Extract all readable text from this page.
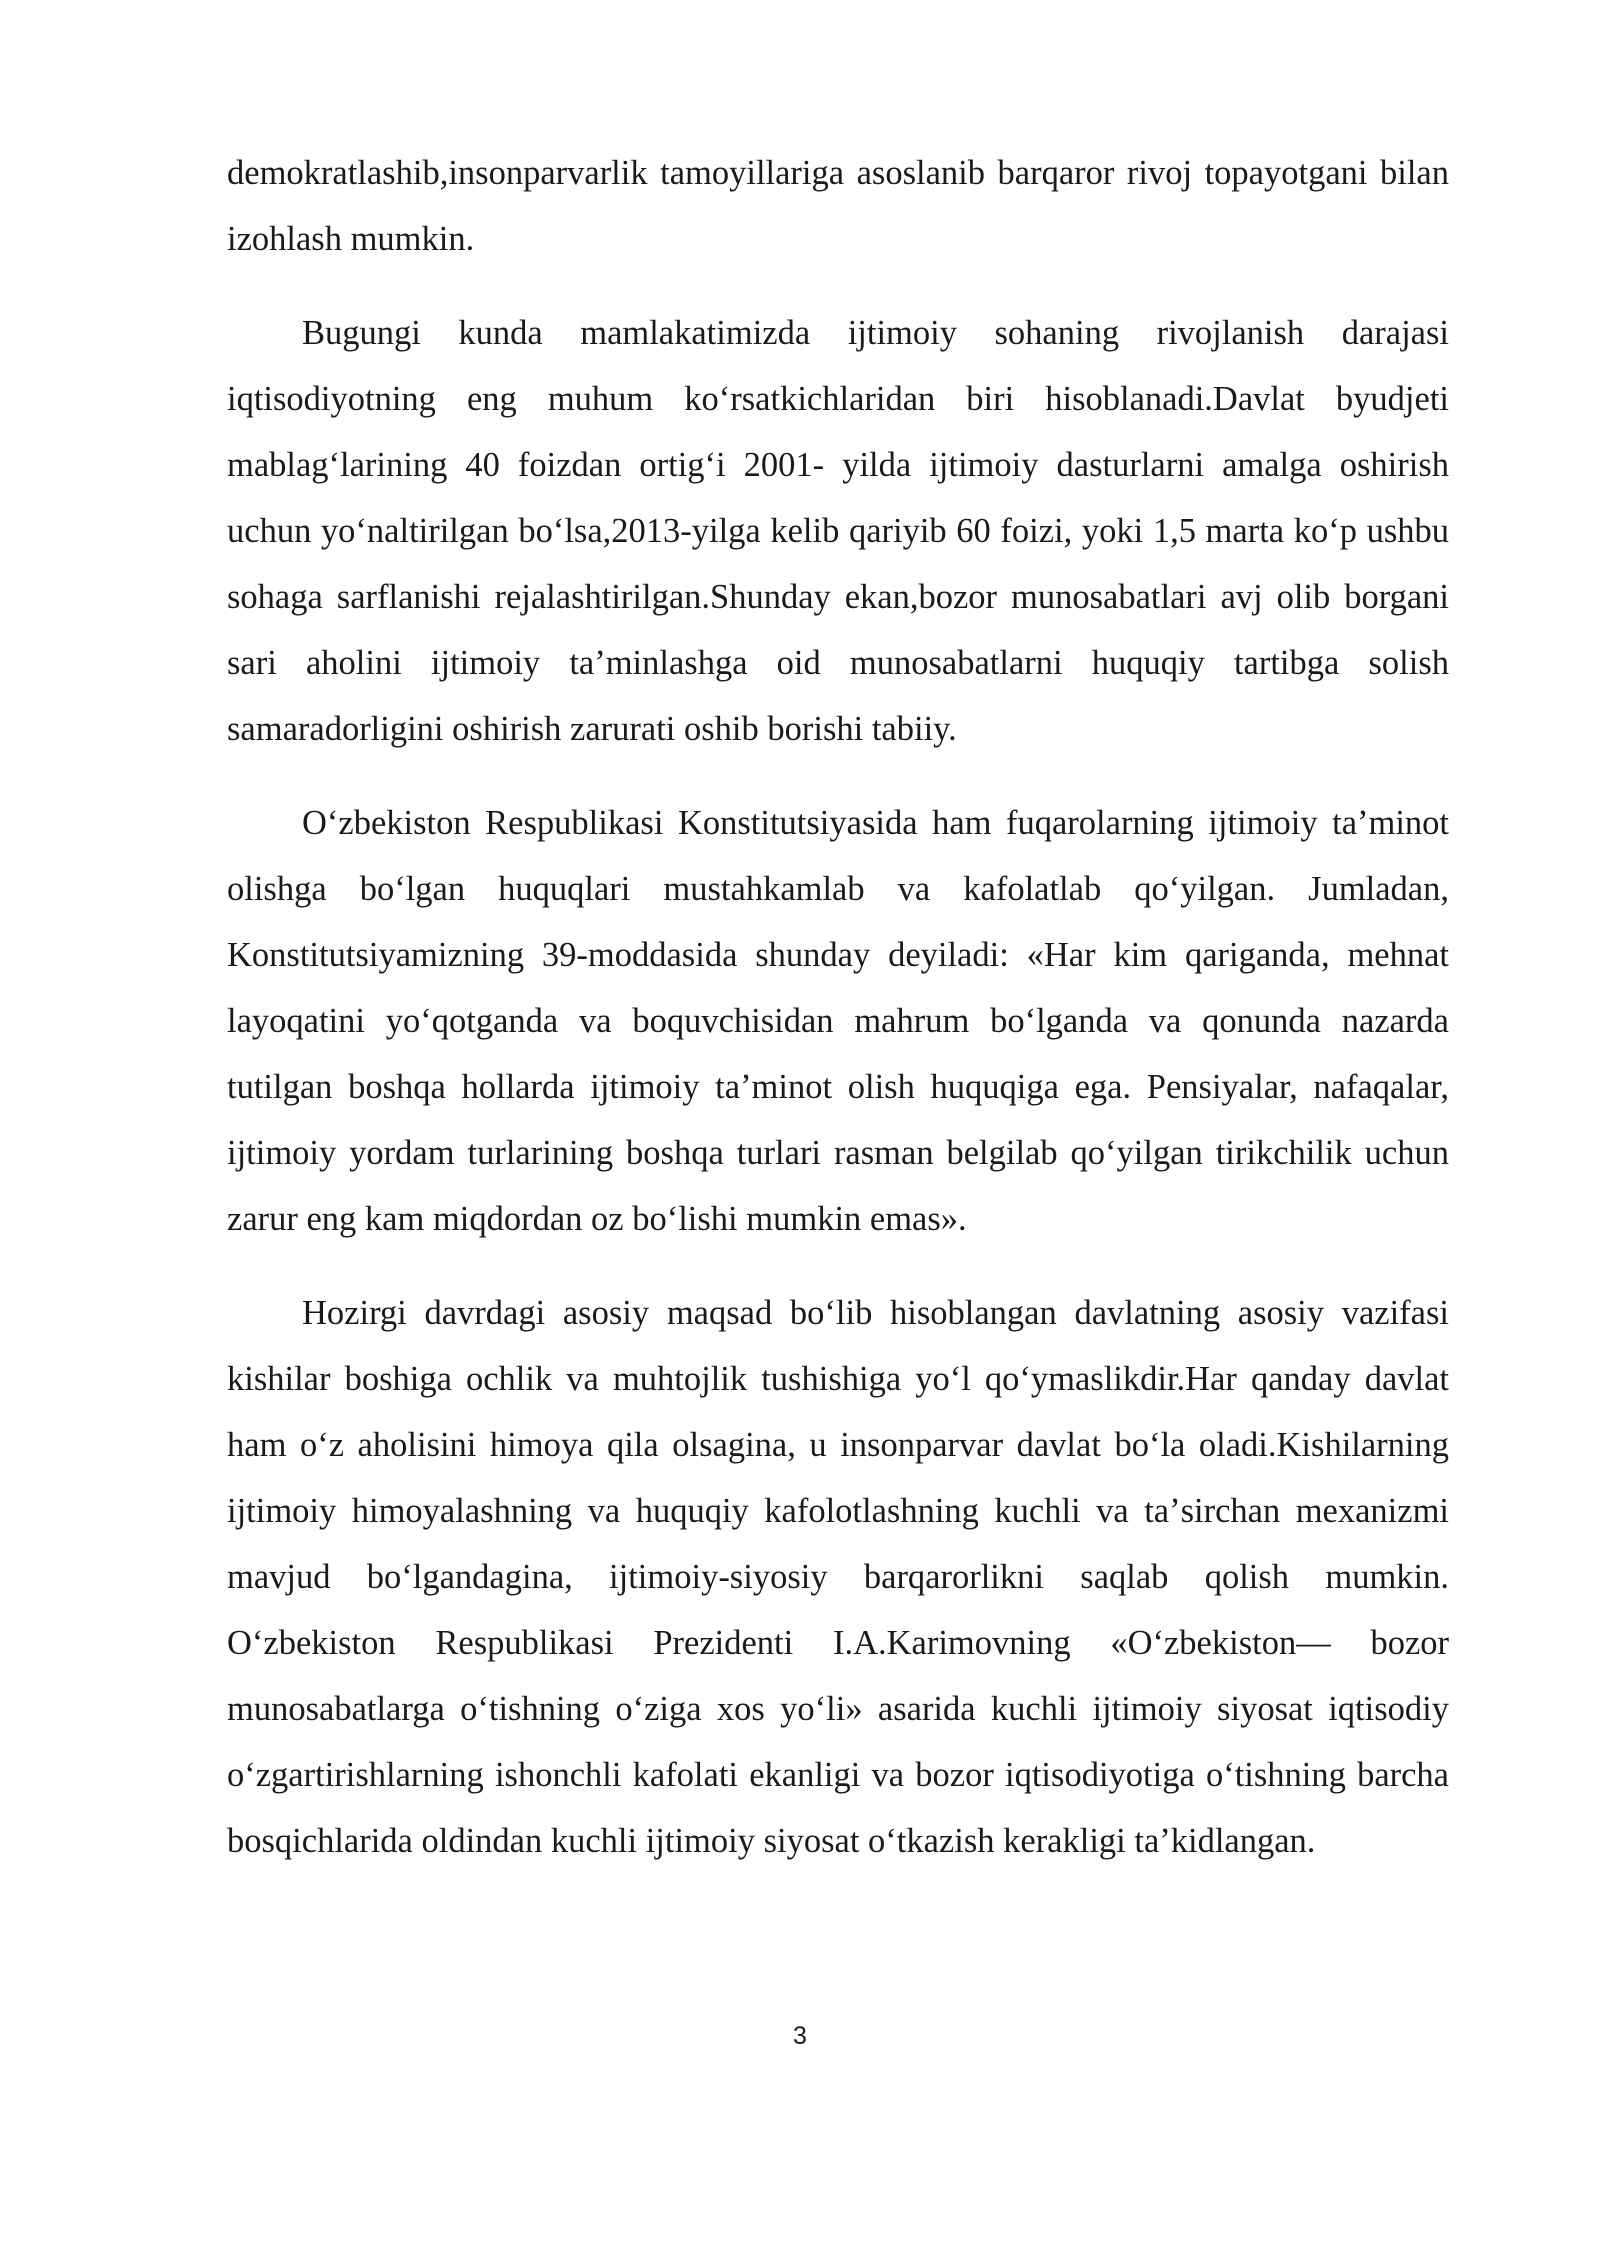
demokratlashib,insonparvarlik tamoyillariga asoslanib barqaror rivoj topayotgani bilan izohlash mumkin.

Bugungi kunda mamlakatimizda ijtimoiy sohaning rivojlanish darajasi iqtisodiyotning eng muhum koʻrsatkichlaridan biri hisoblanadi.Davlat byudjeti mablagʻlarining 40 foizdan ortigʻi 2001- yilda ijtimoiy dasturlarni amalga oshirish uchun yoʻnaltirilgan boʻlsa,2013-yilga kelib qariyib 60 foizi, yoki 1,5 marta koʻp ushbu sohaga sarflanishi rejalashtirilgan.Shunday ekan,bozor munosabatlari avj olib borgani sari aholini ijtimoiy taʼminlashga oid munosabatlarni huquqiy tartibga solish samaradorligini oshirish zarurati oshib borishi tabiiy.

Oʻzbekiston Respublikasi Konstitutsiyasida ham fuqarolarning ijtimoiy taʼminot olishga boʻlgan huquqlari mustahkamlab va kafolatlab qoʻyilgan. Jumladan, Konstitutsiyamizning 39-moddasida shunday deyiladi: «Har kim qariganda, mehnat layoqatini yoʻqotganda va boquvchisidan mahrum boʻlganda va qonunda nazarda tutilgan boshqa hollarda ijtimoiy taʼminot olish huquqiga ega. Pensiyalar, nafaqalar, ijtimoiy yordam turlarining boshqa turlari rasman belgilab qoʻyilgan tirikchilik uchun zarur eng kam miqdordan oz boʻlishi mumkin emas».

Hozirgi davrdagi asosiy maqsad boʻlib hisoblangan davlatning asosiy vazifasi kishilar boshiga ochlik va muhtojlik tushishiga yoʻl qoʻymaslikdir.Har qanday davlat ham oʻz aholisini himoya qila olsagina, u insonparvar davlat boʻla oladi.Kishilarning ijtimoiy himoyalashning va huquqiy kafolotlashning kuchli va taʼsirchan mexanizmi mavjud boʻlgandagina, ijtimoiy-siyosiy barqarorlikni saqlab qolish mumkin. Oʻzbekiston Respublikasi Prezidenti I.A.Karimovning «Oʻzbekiston— bozor munosabatlarga oʻtishning oʻziga xos yoʻli» asarida kuchli ijtimoiy siyosat iqtisodiy oʻzgartirishlarning ishonchli kafolati ekanligi va bozor iqtisodiyotiga oʻtishning barcha bosqichlarida oldindan kuchli ijtimoiy siyosat oʻtkazish kerakligi taʼkidlangan.

3
